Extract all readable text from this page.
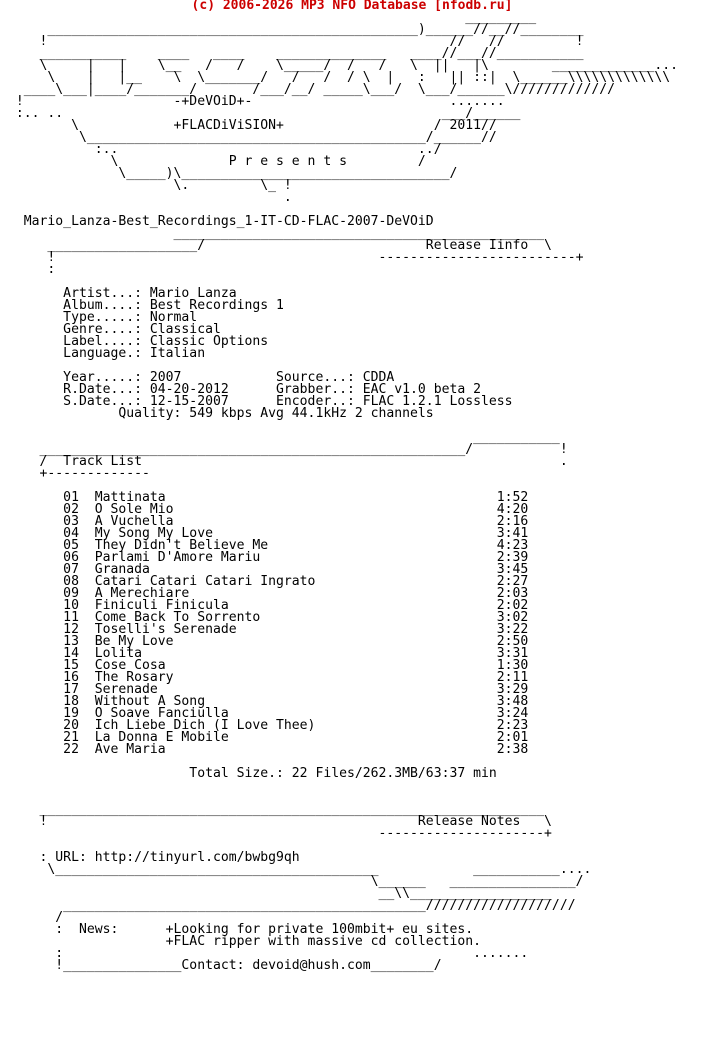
(c) 2006-2026 MP3 NFO Database [nfodb.ru]
_________
_______________________________________________)______//__//________
!                                                   //   //         !
___________    ____   ____    ______________   ____//___//___________
\     |   |    \__   /   /    \_____/  /   /   \  ||   |\        _____________...
\    |   |__    \  \_______/   /   /  / \  |   :   || ::|  \______\\\\\\\\\\\\\
____\___|____/_______/       /___/__/ _____\___/  \___/______\/////////////
!                   -+DeVOiD+-                         .......
:.. ..                                                ___/______
\            +FLACDiViSION+                   / 2011//
\___________________________________________/______//
:..                                      ../
\              P r e s e n t s         /
\_____)\__________________________________/
\.         \_ !
.
Mario_Lanza-Best_Recordings_1-IT-CD-FLAC-2007-DeVOiD
_______________________________________________
___________________/                            Release Iinfo  \
!                                         -------------------------+
:
Artist...: Mario Lanza
Album....: Best Recordings 1
Type.....: Normal
Genre....: Classical
Label....: Classic Options
Language.: Italian
Year.....: 2007            Source...: CDDA
R.Date...: 04-20-2012      Grabber..: EAC v1.0 beta 2
S.Date...: 12-15-2007      Encoder..: FLAC 1.2.1 Lossless
Quality: 549 kbps Avg 44.1kHz 2 channels
___________
______________________________________________________/           !
/  Track List                                                     .
+-------------
01  Mattinata                                          1:52
02  O Sole Mio                                         4:20
03  A Vuchella                                         2:16
04  My Song My Love                                    3:41
05  They Didn't Believe Me                             4:23
06  Parlami D'Amore Mariu                              2:39
07  Granada                                            3:45
08  Catari Catari Catari Ingrato                       2:27
09  A Merechiare                                       2:03
10  Finiculi Finicula                                  2:02
11  Come Back To Sorrento                              3:02
12  Toselli's Serenade                                 3:22
13  Be My Love                                         2:50
14  Lolita                                             3:31
15  Cose Cosa                                          1:30
16  The Rosary                                         2:11
17  Serenade                                           3:29
18  Without A Song                                     3:48
19  O Soave Fanciulla                                  3:24
20  Ich Liebe Dich (I Love Thee)                       2:23
21  La Donna E Mobile                                  2:01
22  Ave Maria                                          2:38
Total Size.: 22 Files/262.3MB/63:37 min
________________________________________________________________
!                                               Release Notes   \
---------------------+
: URL: http://tinyurl.com/bwbg9qh
\_________________________________________            ___________....
\______   ________________/
__\\__________________
______________________________________________///////////////////
/
:  News:      +Looking for private 100mbit+ eu sites.
+FLAC ripper with massive cd collection.
:                                                    .......
!_______________Contact: devoid@hush.com________/
